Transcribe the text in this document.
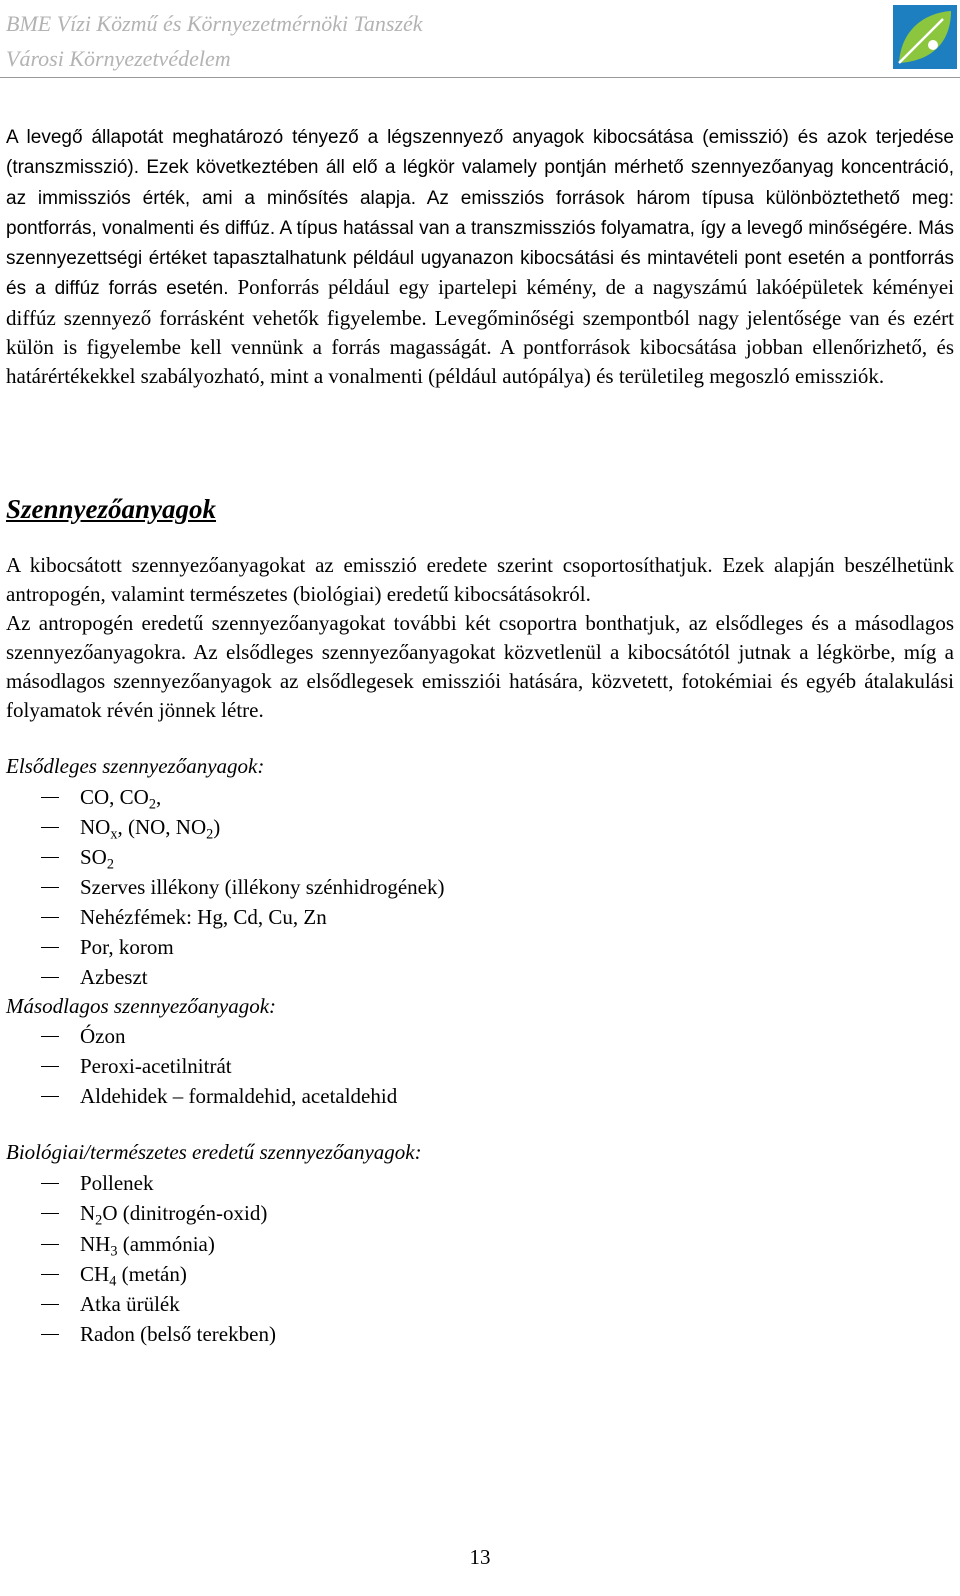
BME Vízi Közmű és Környezetmérnöki Tanszék
Városi Környezetvédelem

A levegő állapotát meghatározó tényező a légszennyező anyagok kibocsátása (emisszió) és azok terjedése (transzmisszió). Ezek következtében áll elő a légkör valamely pontján mérhető szennyezőanyag koncentráció, az immissziós érték, ami a minősítés alapja. Az emissziós források három típusa különböztethető meg: pontforrás, vonalmenti és diffúz. A típus hatással van a transzmissziós folyamatra, így a levegő minőségére. Más szennyezettségi értéket tapasztalhatunk például ugyanazon kibocsátási és mintavételi pont esetén a pontforrás és a diffúz forrás esetén. Ponforrás például egy ipartelepi kémény, de a nagyszámú lakóépületek kéményei diffúz szennyező forrásként vehetők figyelembe. Levegőminőségi szempontból nagy jelentősége van és ezért külön is figyelembe kell vennünk a forrás magasságát. A pontforrások kibocsátása jobban ellenőrizhető, és határértékekkel szabályozható, mint a vonalmenti (például autópálya) és területileg megoszló emissziók.

Szennyezőanyagok
A kibocsátott szennyezőanyagokat az emisszió eredete szerint csoportosíthatjuk. Ezek alapján beszélhetünk antropogén, valamint természetes (biológiai) eredetű kibocsátásokról.
Az antropogén eredetű szennyezőanyagokat további két csoportra bonthatjuk, az elsődleges és a másodlagos szennyezőanyagokra. Az elsődleges szennyezőanyagokat közvetlenül a kibocsátótól jutnak a légkörbe, míg a másodlagos szennyezőanyagok az elsődlegesek emissziói hatására, közvetett, fotokémiai és egyéb átalakulási folyamatok révén jönnek létre.
Elsődleges szennyezőanyagok:
CO, $CO_2$,
$NO_x$, (NO, $NO_2$)
$SO_2$
Szerves illékony (illékony szénhidrogének)
Nehézfémek: Hg, Cd, Cu, Zn
Por, korom
Azbeszt
Másodlagos szennyezőanyagok:
Ózon
Peroxi-acetilnitrát
Aldehidek – formaldehid, acetaldehid
Biológiai/természetes eredetű szennyezőanyagok:
Pollenek
$N_2O$ (dinitrogén-oxid)
$NH_3$ (ammónia)
$CH_4$ (metán)
Atka ürülék
Radon (belső terekben)
13
